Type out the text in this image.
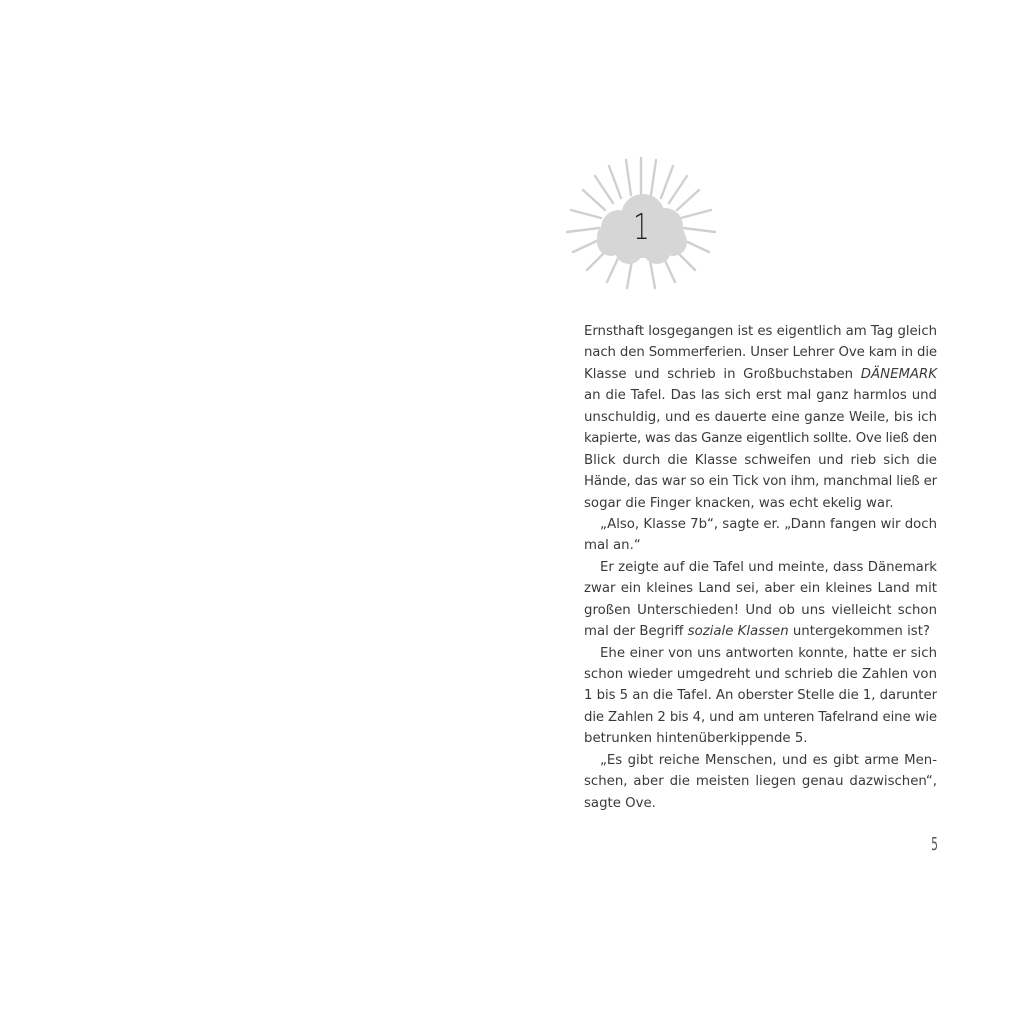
1
Ernsthaft losgegangen ist es eigentlich am Tag gleich
nach den Sommerferien. Unser Lehrer Ove kam in die
Klasse und schrieb in Großbuchstaben DÄNEMARK
an die Tafel. Das las sich erst mal ganz harmlos und
unschuldig, und es dauerte eine ganze Weile, bis ich
kapierte, was das Ganze eigentlich sollte. Ove ließ den
Blick durch die Klasse schweifen und rieb sich die
Hände, das war so ein Tick von ihm, manchmal ließ er
sogar die Finger knacken, was echt ekelig war.
„Also, Klasse 7b“, sagte er. „Dann fangen wir doch
mal an.“
Er zeigte auf die Tafel und meinte, dass Dänemark
zwar ein kleines Land sei, aber ein kleines Land mit
großen Unterschieden! Und ob uns vielleicht schon
mal der Begriff soziale Klassen untergekommen ist?
Ehe einer von uns antworten konnte, hatte er sich
schon wieder umgedreht und schrieb die Zahlen von
1 bis 5 an die Tafel. An oberster Stelle die 1, darunter
die Zahlen 2 bis 4, und am unteren Tafelrand eine wie
betrunken hintenüberkippende 5.
„Es gibt reiche Menschen, und es gibt arme Men-
schen, aber die meisten liegen genau dazwischen“,
sagte Ove.
5
